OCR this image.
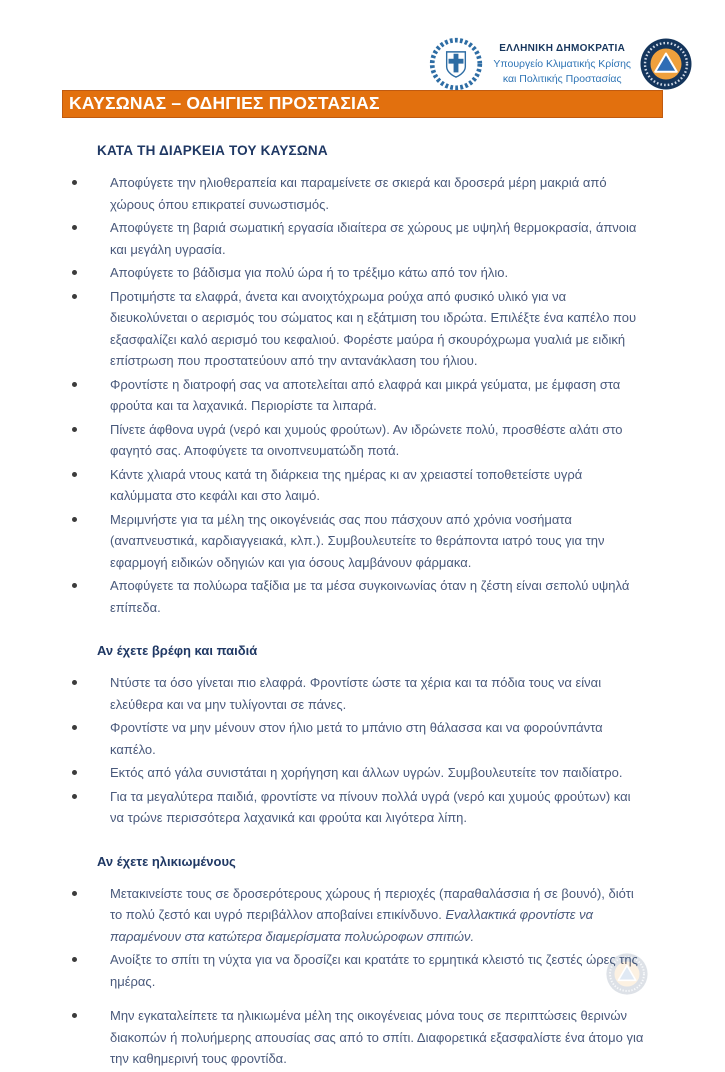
ΕΛΛΗΝΙΚΗ ΔΗΜΟΚΡΑΤΙΑ
Υπουργείο Κλιματικής Κρίσης
και Πολιτικής Προστασίας
ΚΑΥΣΩΝΑΣ – ΟΔΗΓΙΕΣ ΠΡΟΣΤΑΣΙΑΣ
ΚΑΤΑ ΤΗ ΔΙΑΡΚΕΙΑ ΤΟΥ ΚΑΥΣΩΝΑ
Αποφύγετε την ηλιοθεραπεία και παραμείνετε σε σκιερά και δροσερά μέρη μακριά από χώρους όπου επικρατεί συνωστισμός.
Αποφύγετε τη βαριά σωματική εργασία ιδιαίτερα σε χώρους με υψηλή θερμοκρασία, άπνοια και μεγάλη υγρασία.
Αποφύγετε το βάδισμα για πολύ ώρα ή το τρέξιμο κάτω από τον ήλιο.
Προτιμήστε τα ελαφρά, άνετα και ανοιχτόχρωμα ρούχα από φυσικό υλικό για να διευκολύνεται ο αερισμός του σώματος και η εξάτμιση του ιδρώτα. Επιλέξτε ένα καπέλο που εξασφαλίζει καλό αερισμό του κεφαλιού. Φορέστε μαύρα ή σκουρόχρωμα γυαλιά με ειδική επίστρωση που προστατεύουν από την αντανάκλαση του ήλιου.
Φροντίστε η διατροφή σας να αποτελείται από ελαφρά και μικρά γεύματα, με έμφαση στα φρούτα και τα λαχανικά. Περιορίστε τα λιπαρά.
Πίνετε άφθονα υγρά (νερό και χυμούς φρούτων). Αν ιδρώνετε πολύ, προσθέστε αλάτι στο φαγητό σας. Αποφύγετε τα οινοπνευματώδη ποτά.
Κάντε χλιαρά ντους κατά τη διάρκεια της ημέρας κι αν χρειαστεί τοποθετείστε υγρά καλύμματα στο κεφάλι και στο λαιμό.
Μεριμνήστε για τα μέλη της οικογένειάς σας που πάσχουν από χρόνια νοσήματα (αναπνευστικά, καρδιαγγειακά, κλπ.). Συμβουλευτείτε το θεράποντα ιατρό τους για την εφαρμογή ειδικών οδηγιών και για όσους λαμβάνουν φάρμακα.
Αποφύγετε τα πολύωρα ταξίδια με τα μέσα συγκοινωνίας όταν η ζέστη είναι σεπολύ υψηλά επίπεδα.
Αν έχετε βρέφη και παιδιά
Ντύστε τα όσο γίνεται πιο ελαφρά. Φροντίστε ώστε τα χέρια και τα πόδια τους να είναι ελεύθερα και να μην τυλίγονται σε πάνες.
Φροντίστε να μην μένουν στον ήλιο μετά το μπάνιο στη θάλασσα και να φορούνπάντα καπέλο.
Εκτός από γάλα συνιστάται η χορήγηση και άλλων υγρών. Συμβουλευτείτε τον παιδίατρο.
Για τα μεγαλύτερα παιδιά, φροντίστε να πίνουν πολλά υγρά (νερό και χυμούς φρούτων) και να τρώνε περισσότερα λαχανικά και φρούτα και λιγότερα λίπη.
Αν έχετε ηλικιωμένους
Μετακινείστε τους σε δροσερότερους χώρους ή περιοχές (παραθαλάσσια ή σε βουνό), διότι το πολύ ζεστό και υγρό περιβάλλον αποβαίνει επικίνδυνο. Εναλλακτικά φροντίστε να παραμένουν στα κατώτερα διαμερίσματα πολυώροφων σπιτιών.
Ανοίξτε το σπίτι τη νύχτα για να δροσίζει και κρατάτε το ερμητικά κλειστό τις ζεστές ώρες της ημέρας.
Μην εγκαταλείπετε τα ηλικιωμένα μέλη της οικογένειας μόνα τους σε περιπτώσεις θερινών διακοπών ή πολυήμερης απουσίας σας από το σπίτι. Διαφορετικά εξασφαλίστε ένα άτομο για την καθημερινή τους φροντίδα.
